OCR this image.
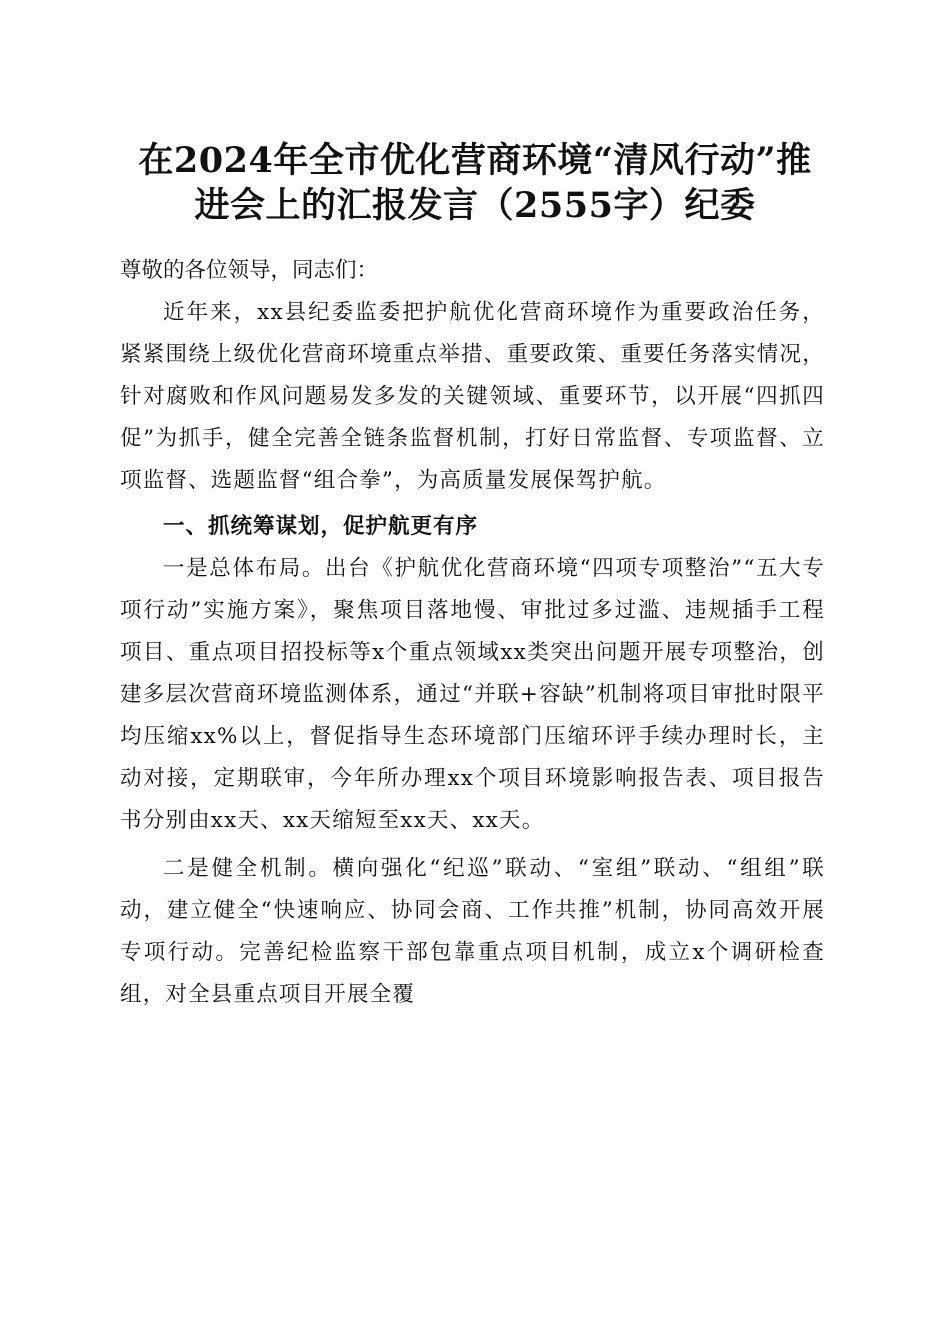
在2024年全市优化营商环境“清风行动”推
进会上的汇报发言（2555字）纪委

尊敬的各位领导，同志们：

近年来，xx县纪委监委把护航优化营商环境作为重要政治任务，紧紧围绕上级优化营商环境重点举措、重要政策、重要任务落实情况，针对腐败和作风问题易发多发的关键领域、重要环节，以开展“四抓四促”为抓手，健全完善全链条监督机制，打好日常监督、专项监督、立项监督、选题监督“组合拳”，为高质量发展保驾护航。

一、抓统筹谋划，促护航更有序

一是总体布局。出台《护航优化营商环境“四项专项整治”“五大专项行动”实施方案》，聚焦项目落地慢、审批过多过滥、违规插手工程项目、重点项目招投标等x个重点领域xx类突出问题开展专项整治，创建多层次营商环境监测体系，通过“并联+容缺”机制将项目审批时限平均压缩xx%以上，督促指导生态环境部门压缩环评手续办理时长，主动对接，定期联审，今年所办理xx个项目环境影响报告表、项目报告书分别由xx天、xx天缩短至xx天、xx天。

二是健全机制。横向强化“纪巡”联动、“室组”联动、“组组”联动，建立健全“快速响应、协同会商、工作共推”机制，协同高效开展专项行动。完善纪检监察干部包靠重点项目机制，成立x个调研检查组，对全县重点项目开展全覆
